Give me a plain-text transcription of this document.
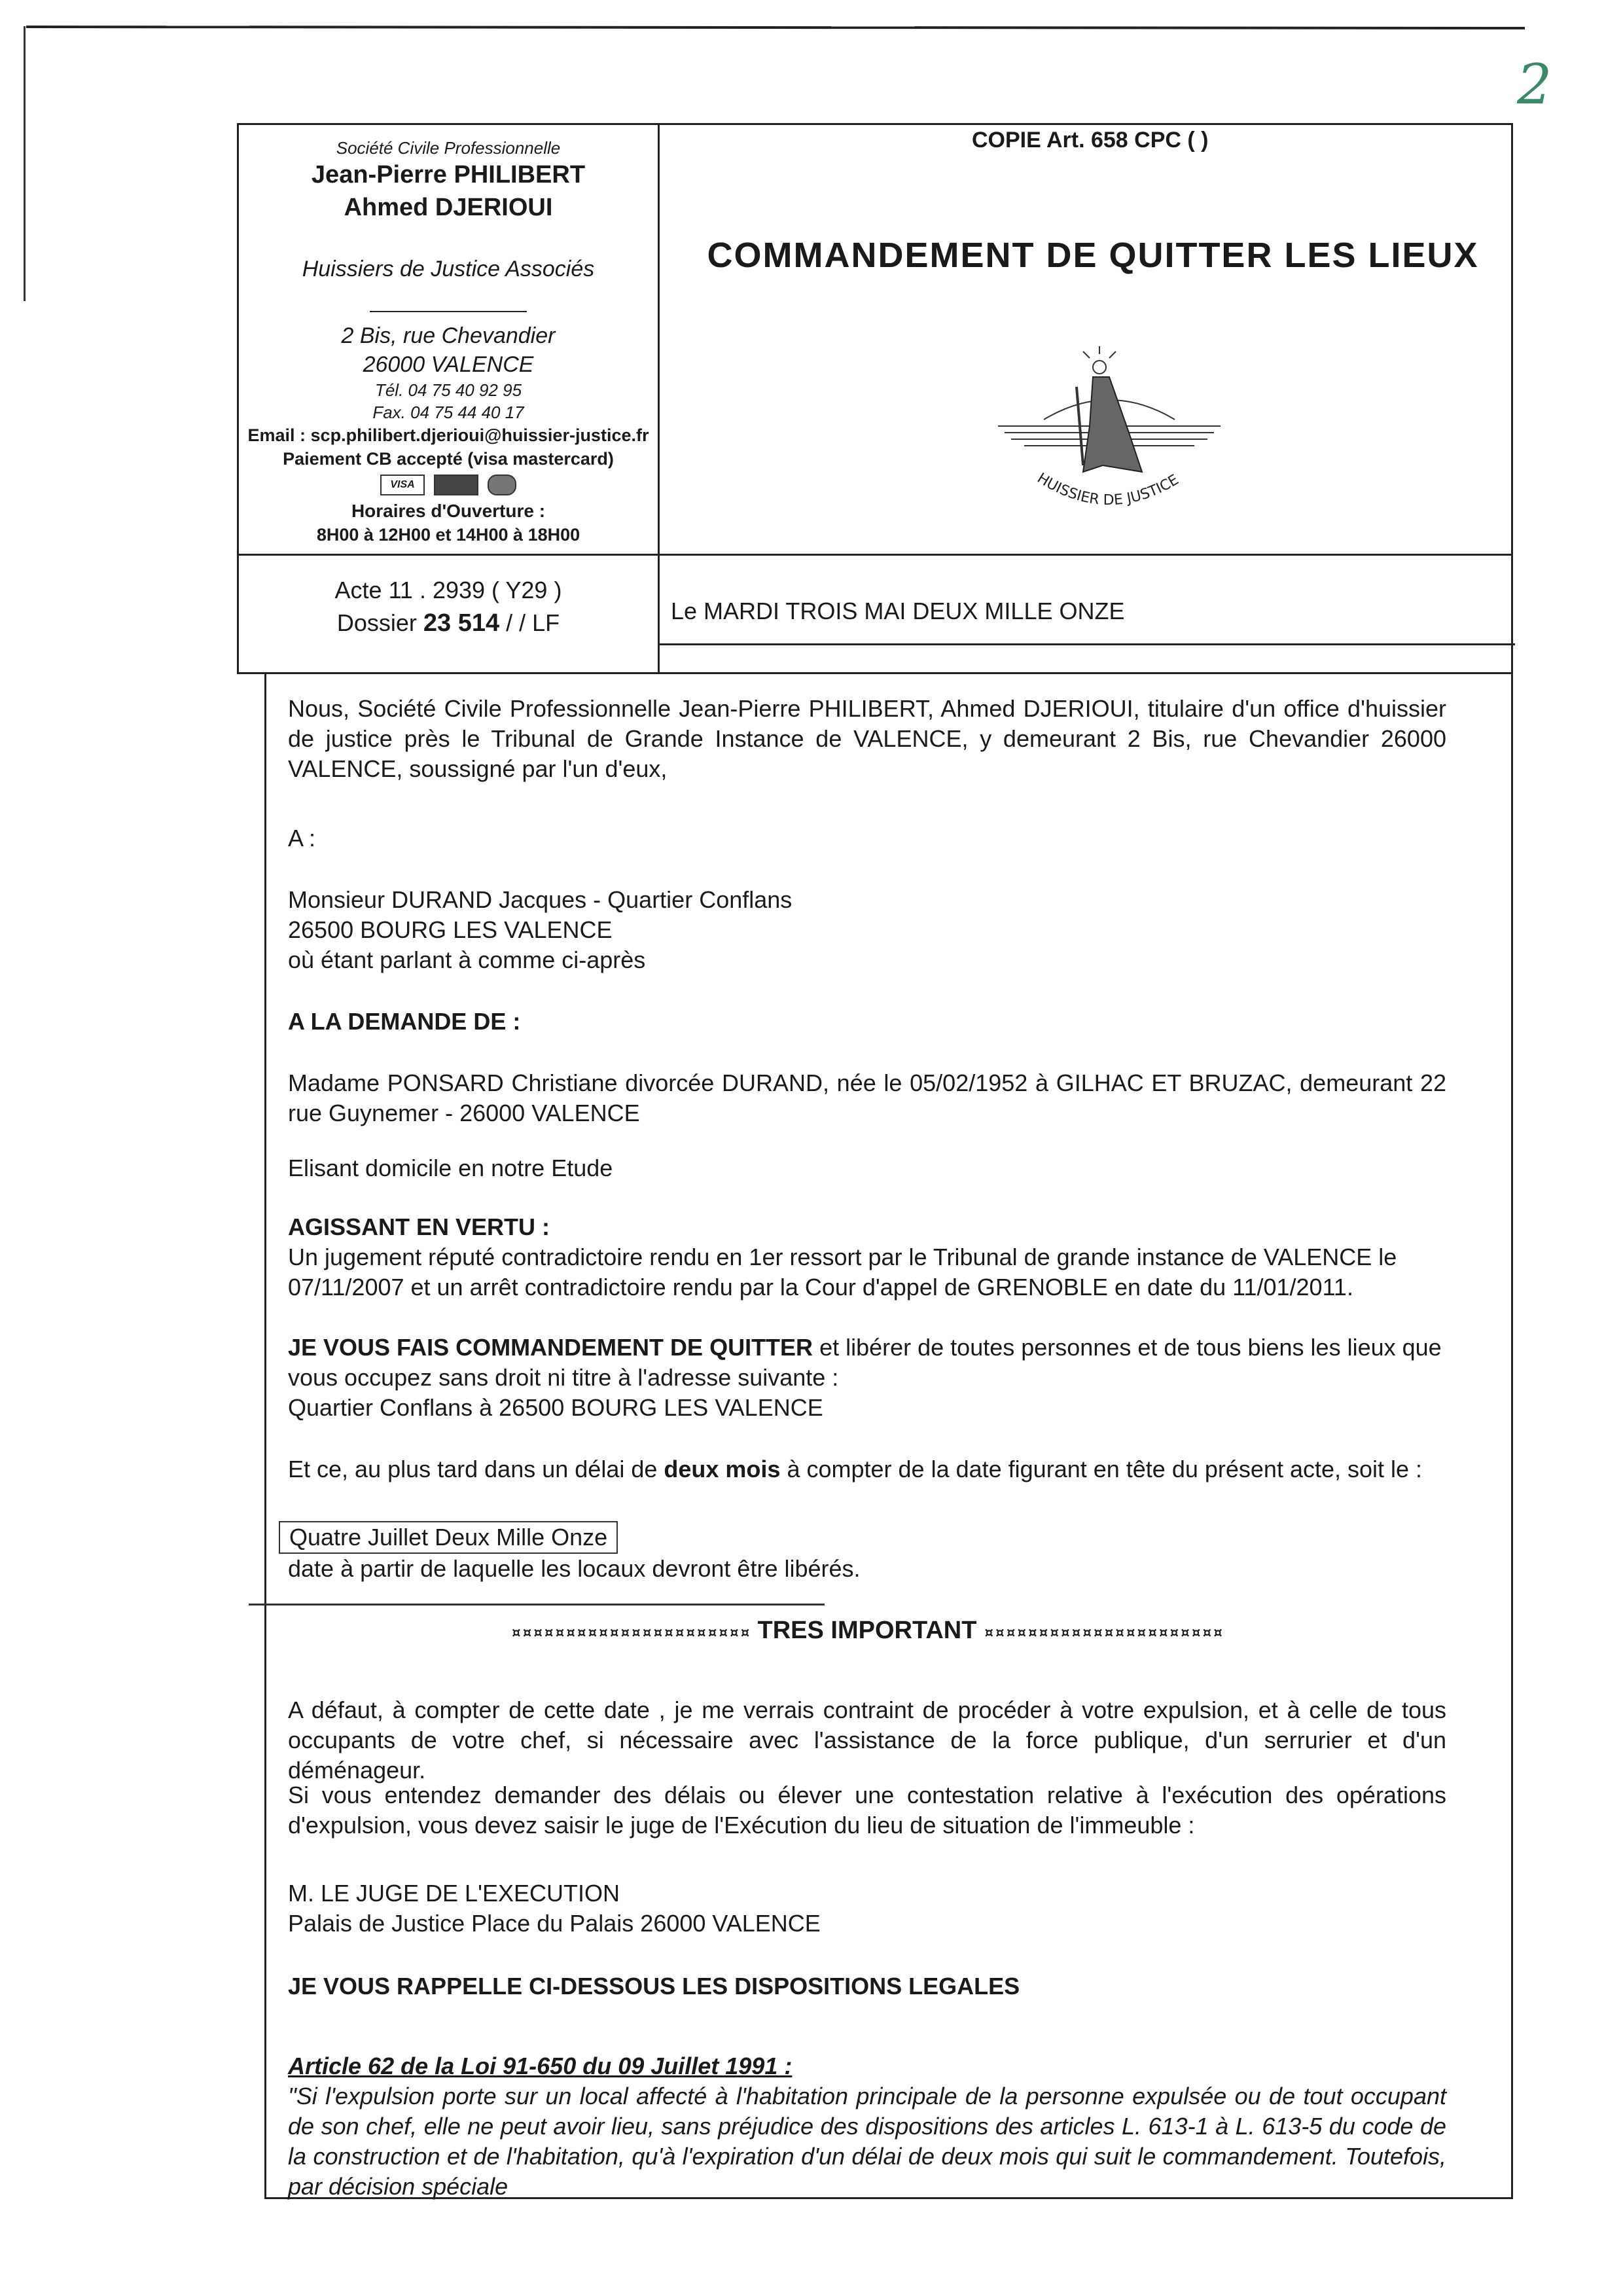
2
Société Civile Professionnelle
Jean-Pierre PHILIBERT
Ahmed DJERIOUI
Huissiers de Justice Associés
2 Bis, rue Chevandier
26000 VALENCE
Tél. 04 75 40 92 95
Fax. 04 75 44 40 17
Email : scp.philibert.djerioui@huissier-justice.fr
Paiement CB accepté (visa mastercard)
VISA
Horaires d'Ouverture :
8H00 à 12H00 et 14H00 à 18H00
COPIE Art. 658 CPC ( )
COMMANDEMENT DE QUITTER LES LIEUX
HUISSIER DE JUSTICE
Acte 11 . 2939 ( Y29 )
Dossier 23 514 / / LF	Le MARDI TROIS MAI DEUX MILLE ONZE

Nous, Société Civile Professionnelle Jean-Pierre PHILIBERT, Ahmed DJERIOUI, titulaire d'un office d'huissier de justice près le Tribunal de Grande Instance de VALENCE, y demeurant 2 Bis, rue Chevandier 26000 VALENCE, soussigné par l'un d'eux,

A :

Monsieur DURAND Jacques - Quartier Conflans

26500 BOURG LES VALENCE

où étant parlant à comme ci-après

A LA DEMANDE DE :

Madame PONSARD Christiane divorcée DURAND, née le 05/02/1952 à GILHAC ET BRUZAC, demeurant 22 rue Guynemer - 26000 VALENCE

Elisant domicile en notre Etude

AGISSANT EN VERTU :

Un jugement réputé contradictoire rendu en 1er ressort par le Tribunal de grande instance de VALENCE le 07/11/2007 et un arrêt contradictoire rendu par la Cour d'appel de GRENOBLE en date du 11/01/2011.

JE VOUS FAIS COMMANDEMENT DE QUITTER et libérer de toutes personnes et de tous biens les lieux que vous occupez sans droit ni titre à l'adresse suivante :

Quartier Conflans à 26500 BOURG LES VALENCE

Et ce, au plus tard dans un délai de deux mois à compter de la date figurant en tête du présent acte, soit le :

Quatre Juillet Deux Mille Onze
date à partir de laquelle les locaux devront être libérés.
¤¤¤¤¤¤¤¤¤¤¤¤¤¤¤¤¤¤¤¤¤¤ TRES IMPORTANT ¤¤¤¤¤¤¤¤¤¤¤¤¤¤¤¤¤¤¤¤¤¤

A défaut, à compter de cette date , je me verrais contraint de procéder à votre expulsion, et à celle de tous occupants de votre chef, si nécessaire avec l'assistance de la force publique, d'un serrurier et d'un déménageur.

Si vous entendez demander des délais ou élever une contestation relative à l'exécution des opérations d'expulsion, vous devez saisir le juge de l'Exécution du lieu de situation de l'immeuble :

M. LE JUGE DE L'EXECUTION

Palais de Justice Place du Palais 26000 VALENCE

JE VOUS RAPPELLE CI-DESSOUS LES DISPOSITIONS LEGALES

Article 62 de la Loi 91-650 du 09 Juillet 1991 :

"Si l'expulsion porte sur un local affecté à l'habitation principale de la personne expulsée ou de tout occupant de son chef, elle ne peut avoir lieu, sans préjudice des dispositions des articles L. 613-1 à L. 613-5 du code de la construction et de l'habitation, qu'à l'expiration d'un délai de deux mois qui suit le commandement. Toutefois, par décision spéciale
